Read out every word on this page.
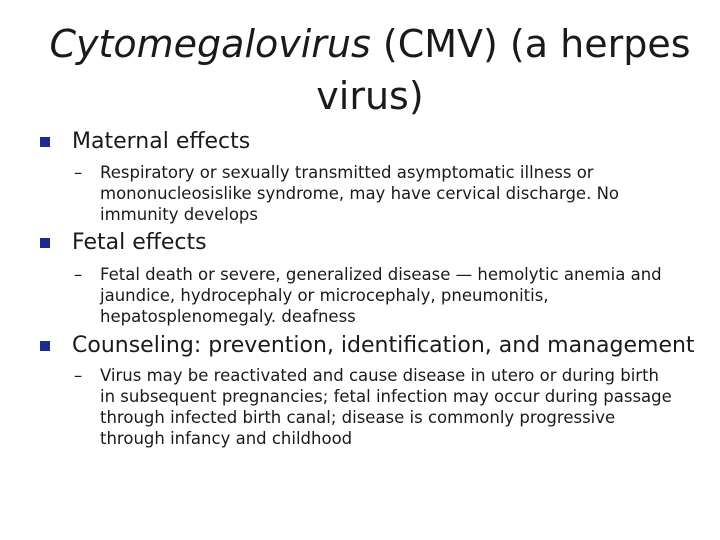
Cytomegalovirus (CMV) (a herpes virus)
Maternal effects
–	Respiratory or sexually transmitted asymptomatic illness or mononucleosislike syndrome, may have cervical discharge. No immunity develops
Fetal effects
–	Fetal death or severe, generalized disease — hemolytic anemia and jaundice, hydrocephaly or microcephaly, pneumonitis, hepatosplenomegaly. deafness
Counseling: prevention, identification, and management
–	Virus may be reactivated and cause disease in utero or during birth in subsequent pregnancies; fetal infection may occur during passage through infected birth canal; disease is commonly progressive through infancy and childhood
